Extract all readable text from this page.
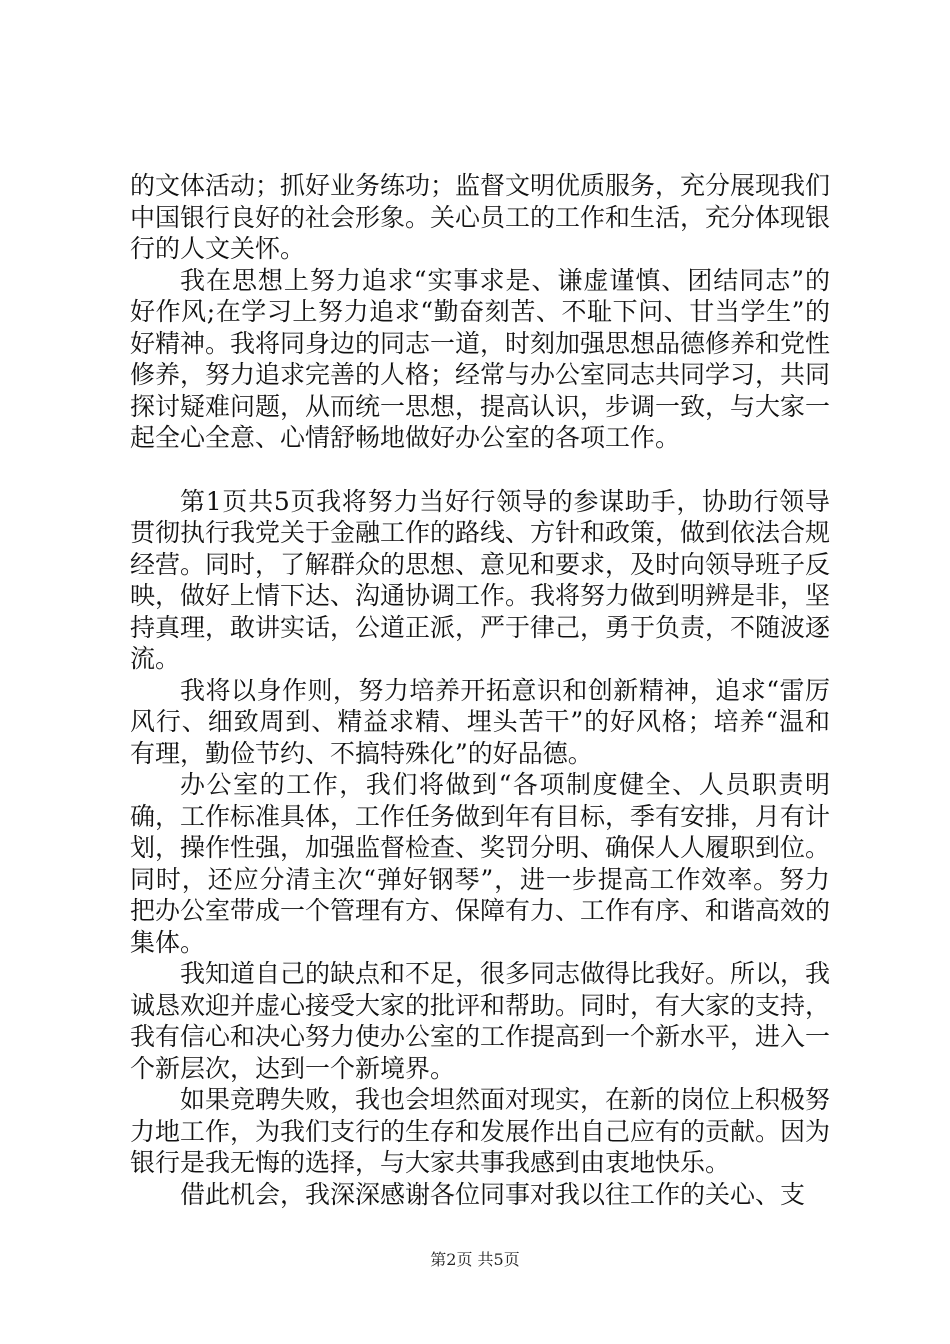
的文体活动；抓好业务练功；监督文明优质服务，充分展现我们中国银行良好的社会形象。关心员工的工作和生活，充分体现银行的人文关怀。

我在思想上努力追求“实事求是、谦虚谨慎、团结同志”的好作风;在学习上努力追求“勤奋刻苦、不耻下问、甘当学生”的好精神。我将同身边的同志一道，时刻加强思想品德修养和党性修养，努力追求完善的人格；经常与办公室同志共同学习，共同探讨疑难问题，从而统一思想，提高认识，步调一致，与大家一起全心全意、心情舒畅地做好办公室的各项工作。

第1页共5页我将努力当好行领导的参谋助手，协助行领导贯彻执行我党关于金融工作的路线、方针和政策，做到依法合规经营。同时，了解群众的思想、意见和要求，及时向领导班子反映，做好上情下达、沟通协调工作。我将努力做到明辨是非，坚持真理，敢讲实话，公道正派，严于律己，勇于负责，不随波逐流。

我将以身作则，努力培养开拓意识和创新精神，追求“雷厉风行、细致周到、精益求精、埋头苦干”的好风格；培养“温和有理，勤俭节约、不搞特殊化”的好品德。

办公室的工作，我们将做到“各项制度健全、人员职责明确，工作标准具体，工作任务做到年有目标，季有安排，月有计划，操作性强，加强监督检查、奖罚分明、确保人人履职到位。同时，还应分清主次“弹好钢琴”，进一步提高工作效率。努力把办公室带成一个管理有方、保障有力、工作有序、和谐高效的集体。

我知道自己的缺点和不足，很多同志做得比我好。所以，我诚恳欢迎并虚心接受大家的批评和帮助。同时，有大家的支持，我有信心和决心努力使办公室的工作提高到一个新水平，进入一个新层次，达到一个新境界。

如果竞聘失败，我也会坦然面对现实，在新的岗位上积极努力地工作，为我们支行的生存和发展作出自己应有的贡献。因为银行是我无悔的选择，与大家共事我感到由衷地快乐。

借此机会，我深深感谢各位同事对我以往工作的关心、支

第2页 共5页
